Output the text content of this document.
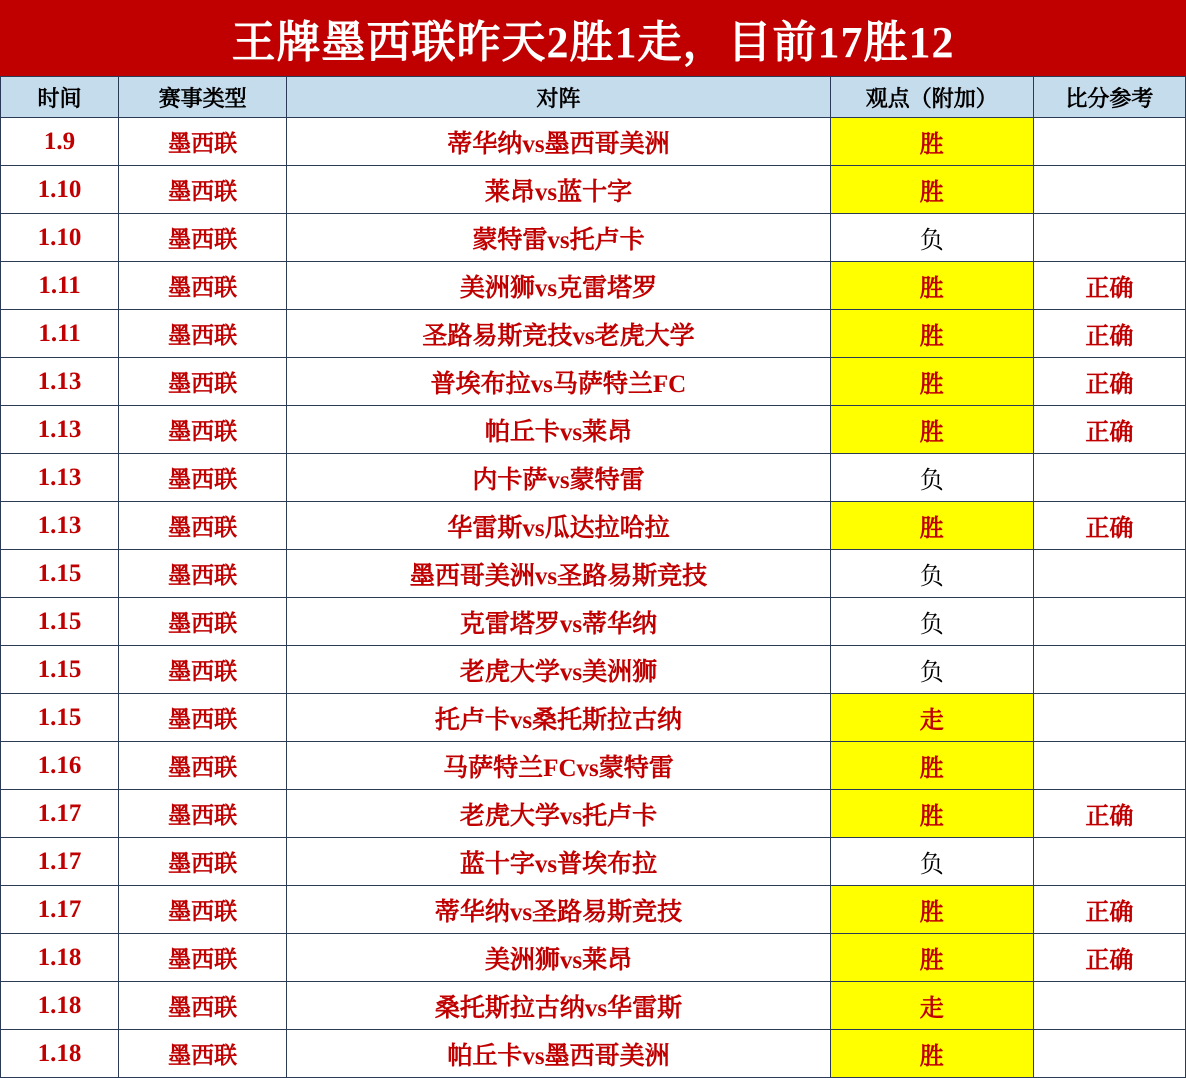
王牌墨西联昨天2胜1走，目前17胜12
时间	赛事类型	对阵	观点（附加）	比分参考
1.9	墨西联	蒂华纳vs墨西哥美洲	胜	
1.10	墨西联	莱昂vs蓝十字	胜	
1.10	墨西联	蒙特雷vs托卢卡	负	
1.11	墨西联	美洲狮vs克雷塔罗	胜	正确
1.11	墨西联	圣路易斯竞技vs老虎大学	胜	正确
1.13	墨西联	普埃布拉vs马萨特兰FC	胜	正确
1.13	墨西联	帕丘卡vs莱昂	胜	正确
1.13	墨西联	内卡萨vs蒙特雷	负	
1.13	墨西联	华雷斯vs瓜达拉哈拉	胜	正确
1.15	墨西联	墨西哥美洲vs圣路易斯竞技	负	
1.15	墨西联	克雷塔罗vs蒂华纳	负	
1.15	墨西联	老虎大学vs美洲狮	负	
1.15	墨西联	托卢卡vs桑托斯拉古纳	走	
1.16	墨西联	马萨特兰FCvs蒙特雷	胜	
1.17	墨西联	老虎大学vs托卢卡	胜	正确
1.17	墨西联	蓝十字vs普埃布拉	负	
1.17	墨西联	蒂华纳vs圣路易斯竞技	胜	正确
1.18	墨西联	美洲狮vs莱昂	胜	正确
1.18	墨西联	桑托斯拉古纳vs华雷斯	走	
1.18	墨西联	帕丘卡vs墨西哥美洲	胜	
